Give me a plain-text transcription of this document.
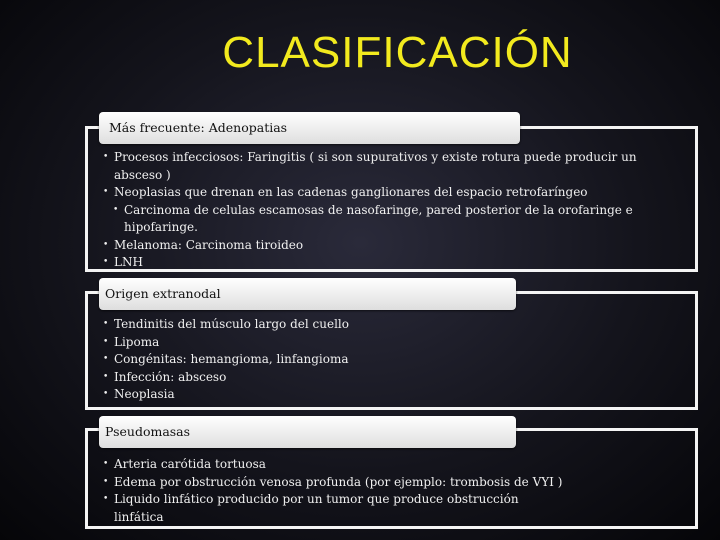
CLASIFICACIÓN
Más frecuente: Adenopatias
• Procesos infecciosos: Faringitis ( si son supurativos y existe rotura puede producir un absceso )
• Neoplasias que drenan en las cadenas ganglionares del espacio retrofaríngeo
• Carcinoma de celulas escamosas de nasofaringe, pared posterior de la orofaringe e hipofaringe.
• Melanoma: Carcinoma tiroideo
• LNH
Origen extranodal
• Tendinitis del músculo largo del cuello
• Lipoma
• Congénitas: hemangioma, linfangioma
• Infección: absceso
• Neoplasia
Pseudomasas
• Arteria carótida tortuosa
• Edema por obstrucción venosa profunda (por ejemplo: trombosis de VYI )
• Liquido linfático producido por un tumor que produce obstrucción linfática
